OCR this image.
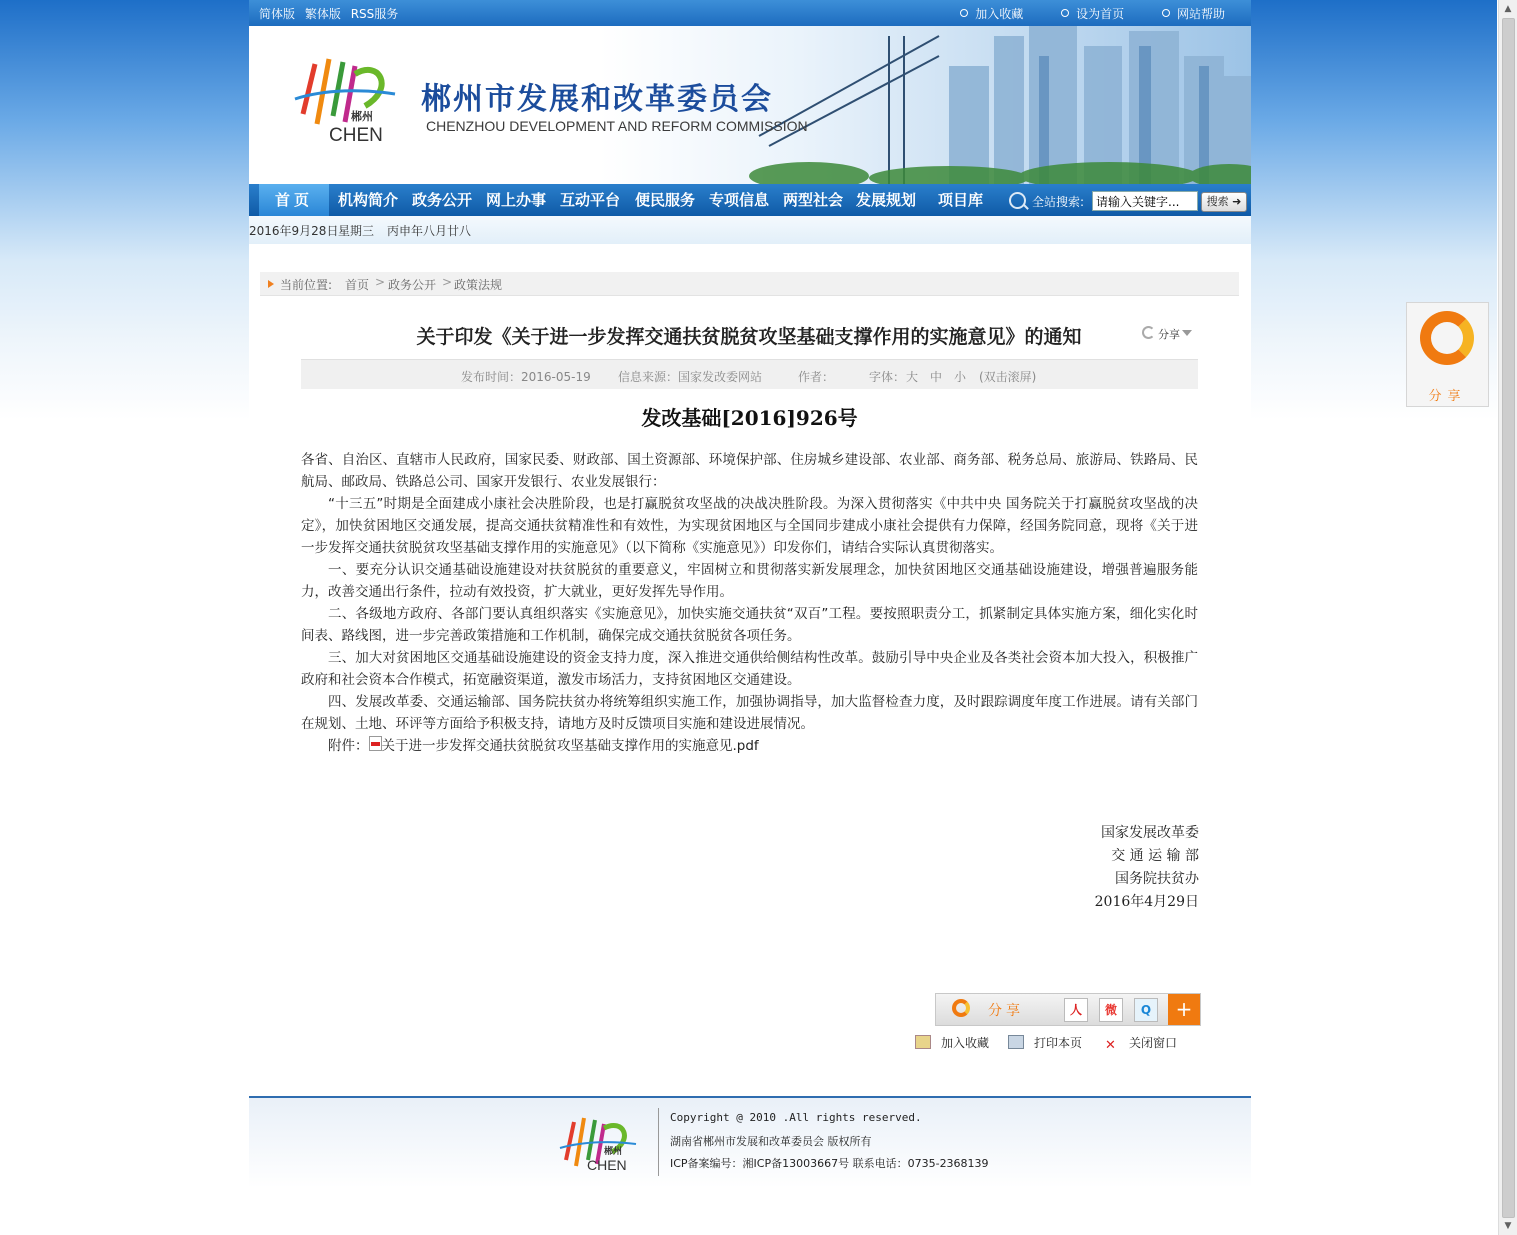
▲
▼
简体版 繁体版 RSS服务	加入收藏	设为首页	网站帮助
郴州
CHEN
郴州市发展和改革委员会
CHENZHOU DEVELOPMENT AND REFORM COMMISSION
首页	机构简介 政务公开 网上办事 互动平台 便民服务 专项信息 两型社会 发展规划 项目库	全站搜索:
请输入关键字...	搜索 ➜
2016年9月28日 星期三 丙申年八月廿八
当前位置: 首页 > 政务公开 > 政策法规
关于印发《关于进一步发挥交通扶贫脱贫攻坚基础支撑作用的实施意见》的通知	分享
发布时间：2016-05-19 信息来源：国家发改委网站	作者：	字体： 大 中 小 (双击滚屏)
发改基础[2016]926号

各省、自治区、直辖市人民政府，国家民委、财政部、国土资源部、环境保护部、住房城乡建设部、农业部、商务部、税务总局、旅游局、铁路局、民航局、邮政局、铁路总公司、国家开发银行、农业发展银行：

“十三五”时期是全面建成小康社会决胜阶段，也是打赢脱贫攻坚战的决战决胜阶段。为深入贯彻落实《中共中央 国务院关于打赢脱贫攻坚战的决定》，加快贫困地区交通发展，提高交通扶贫精准性和有效性，为实现贫困地区与全国同步建成小康社会提供有力保障，经国务院同意，现将《关于进一步发挥交通扶贫脱贫攻坚基础支撑作用的实施意见》（以下简称《实施意见》）印发你们，请结合实际认真贯彻落实。

一、要充分认识交通基础设施建设对扶贫脱贫的重要意义，牢固树立和贯彻落实新发展理念，加快贫困地区交通基础设施建设，增强普遍服务能力，改善交通出行条件，拉动有效投资，扩大就业，更好发挥先导作用。

二、各级地方政府、各部门要认真组织落实《实施意见》，加快实施交通扶贫“双百”工程。要按照职责分工，抓紧制定具体实施方案，细化实化时间表、路线图，进一步完善政策措施和工作机制，确保完成交通扶贫脱贫各项任务。

三、加大对贫困地区交通基础设施建设的资金支持力度，深入推进交通供给侧结构性改革。鼓励引导中央企业及各类社会资本加大投入，积极推广政府和社会资本合作模式，拓宽融资渠道，激发市场活力，支持贫困地区交通建设。

四、发展改革委、交通运输部、国务院扶贫办将统筹组织实施工作，加强协调指导，加大监督检查力度，及时跟踪调度年度工作进展。请有关部门在规划、土地、环评等方面给予积极支持，请地方及时反馈项目实施和建设进展情况。

附件： 关于进一步发挥交通扶贫脱贫攻坚基础支撑作用的实施意见.pdf

国家发展改革委
交 通 运 输 部
国务院扶贫办
2016年4月29日
分享	人	微	Q	+
加入收藏	打印本页 ✕ 关闭窗口
郴州
CHEN
Copyright @ 2010 .All rights reserved.
湖南省郴州市发展和改革委员会 版权所有
ICP备案编号：湘ICP备13003667号 联系电话：0735-2368139
分享
